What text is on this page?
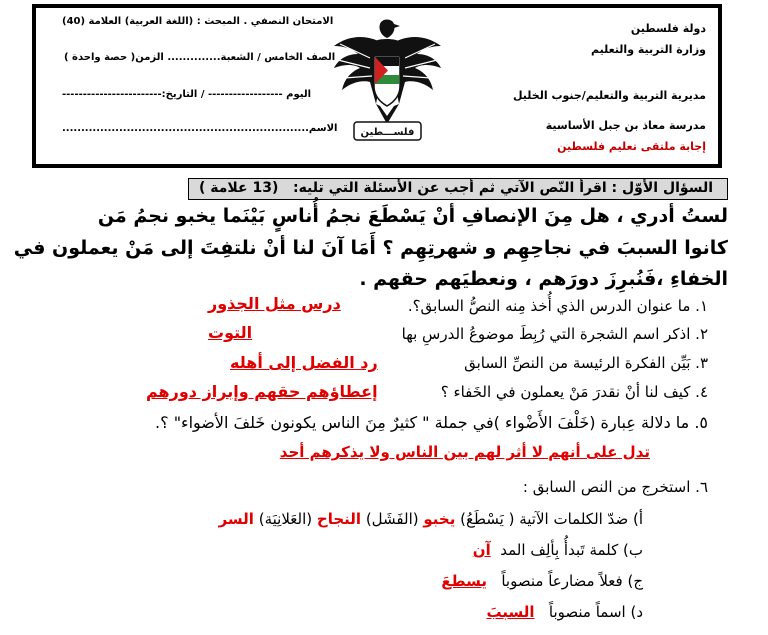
الامتحان النصفي . المبحث : (اللغة العربية) العلامة (40)
الصف الخامس / الشعبة.............. الزمن( حصة واحدة )
اليوم ------------------ / التاريخ:------------------------
الاسم.................................................................
دولة فلسطين
وزارة التربية والتعليم
مديرية التربية والتعليم/جنوب الخليل
مدرسة معاذ بن جبل الأساسية
إجابة ملتقى تعليم فلسطين
فلســـطين
السؤال الأوّل : اقرأ النّص الآتي ثم أجب عن الأسئلة التي تليه:
(13 علامة )
لستُ أدري ، هل مِنَ الإنصافِ أنْ يَسْطَعَ نجمُ أُناسٍ بَيْنَما يخبو نجمُ مَن
كانوا السببَ في نجاحِهِم و شهرتِهِم ؟ أَمَا آنَ لنا أنْ نلتفِتَ إلى مَنْ يعملون في
الخفاءِ ،فَنُبرِزَ دورَهم ، ونعطيَهم حقهم .
١. ما عنوان الدرس الذي أُخذ مِنه النصُّ السابق؟.
درس مثل الجذور
٢. اذكر اسم الشجرة التي رُبِطَ موضوعُ الدرسِ بها
التوت
٣. بَيِّن الفكرة الرئيسة من النصِّ السابق
رد الفضل إلى أهله
٤. كيف لنا أنْ نقدرَ مَنْ يعملون في الخَفاء ؟
إعطاؤهم حقهم وإبراز دورهم
٥. ما دلالة عِبارة (خَلْفَ الأَضْواء )في جملة " كثيرٌ مِنَ الناس يكونون خَلفَ الأضواء" ؟.
تدل على أنهم لا أثر لهم بين الناس ولا يذكرهم أحد
٦. استخرج من النص السابق :
أ) ضدّ الكلمات الآتية ( يَسْطَعُ) يخبو (الفَشَل) النجاح (العَلانِيَة) السر
ب) كلمة تَبدأُ بِألِف المد  آن
ج) فعلاً مضارعاً منصوباً   يسطعَ
د) اسماً منصوباً   السببَ
